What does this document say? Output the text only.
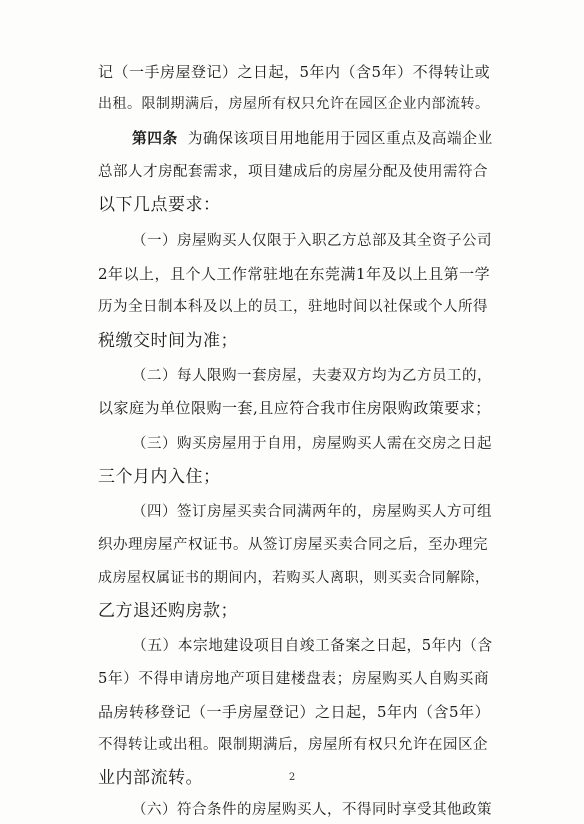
记（一手房屋登记）之日起，5年内（含5年）不得转让或
出租。限制期满后，房屋所有权只允许在园区企业内部流转。
第四条 为确保该项目用地能用于园区重点及高端企业
总部人才房配套需求，项目建成后的房屋分配及使用需符合
以下几点要求：
（一）房屋购买人仅限于入职乙方总部及其全资子公司
2年以上，且个人工作常驻地在东莞满1年及以上且第一学
历为全日制本科及以上的员工，驻地时间以社保或个人所得
税缴交时间为准；
（二）每人限购一套房屋，夫妻双方均为乙方员工的，
以家庭为单位限购一套,且应符合我市住房限购政策要求；
（三）购买房屋用于自用，房屋购买人需在交房之日起
三个月内入住；
（四）签订房屋买卖合同满两年的，房屋购买人方可组
织办理房屋产权证书。从签订房屋买卖合同之后，至办理完
成房屋权属证书的期间内，若购买人离职，则买卖合同解除，
乙方退还购房款；
（五）本宗地建设项目自竣工备案之日起，5年内（含
5年）不得申请房地产项目建楼盘表；房屋购买人自购买商
品房转移登记（一手房屋登记）之日起，5年内（含5年）
不得转让或出租。限制期满后，房屋所有权只允许在园区企
业内部流转。
（六）符合条件的房屋购买人，不得同时享受其他政策
2
